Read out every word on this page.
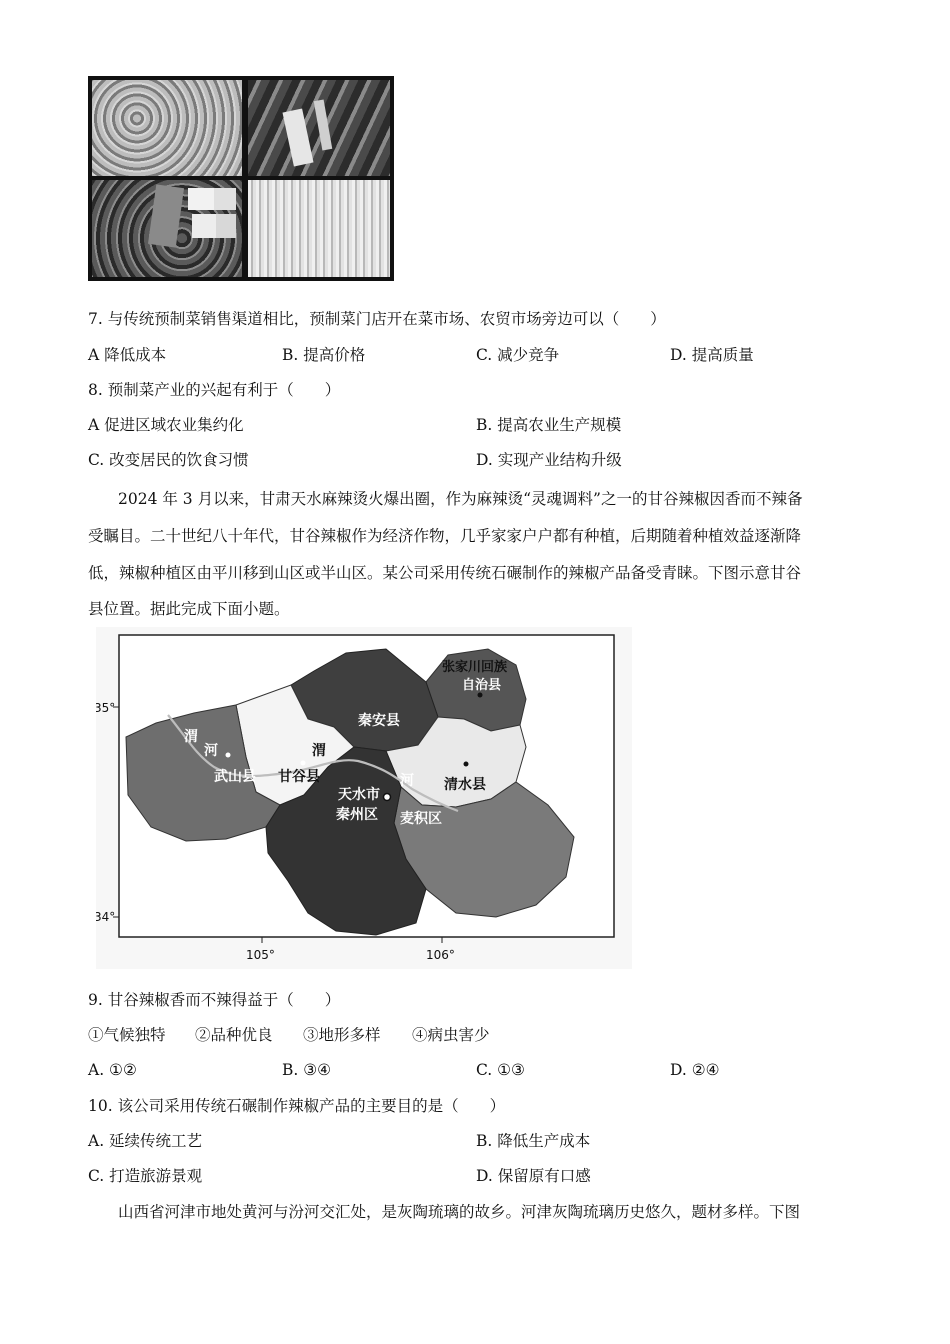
7. 与传统预制菜销售渠道相比，预制菜门店开在菜市场、农贸市场旁边可以（　　）
A 降低成本	B. 提高价格	C. 减少竞争	D. 提高质量
8. 预制菜产业的兴起有利于（　　）
A 促进区域农业集约化	B. 提高农业生产规模
C. 改变居民的饮食习惯	D. 实现产业结构升级
2024 年 3 月以来，甘肃天水麻辣烫火爆出圈，作为麻辣烫“灵魂调料”之一的甘谷辣椒因香而不辣备
受瞩目。二十世纪八十年代，甘谷辣椒作为经济作物，几乎家家户户都有种植，后期随着种植效益逐渐降
低，辣椒种植区由平川移到山区或半山区。某公司采用传统石碾制作的辣椒产品备受青睐。下图示意甘谷
县位置。据此完成下面小题。
35°
34°
105°	106°
张家川回族
自治县
秦安县
清水县
武山县 甘谷县
天水市
秦州区 麦积区
渭
河	渭
河
图例
河流
市(州)政府驻地
县(区、市)政府驻地
9. 甘谷辣椒香而不辣得益于（　　）
①气候独特 ②品种优良 ③地形多样 ④病虫害少
A. ①②	B. ③④	C. ①③	D. ②④
10. 该公司采用传统石碾制作辣椒产品的主要目的是（　　）
A. 延续传统工艺	B. 降低生产成本
C. 打造旅游景观	D. 保留原有口感
山西省河津市地处黄河与汾河交汇处，是灰陶琉璃的故乡。河津灰陶琉璃历史悠久，题材多样。下图
